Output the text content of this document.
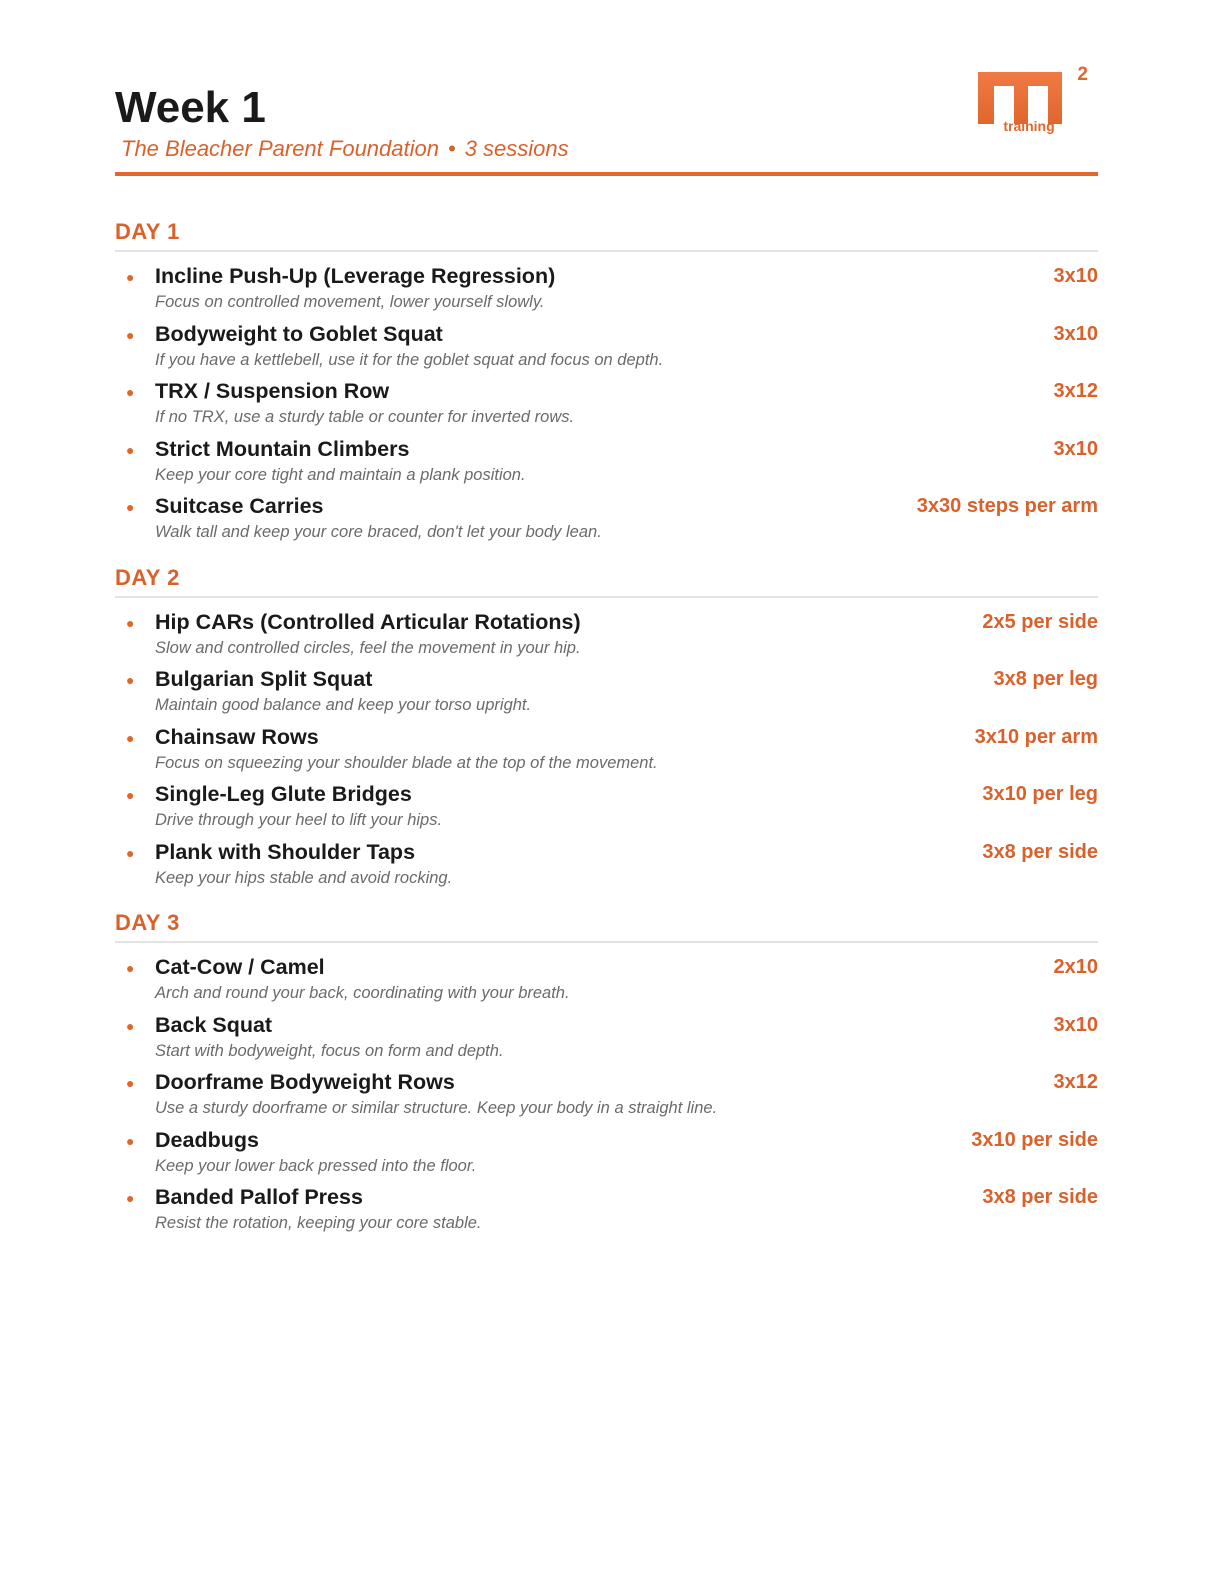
Week 1
The Bleacher Parent Foundation • 3 sessions
2
training
DAY 1
● Incline Push-Up (Leverage Regression)	3x10
Focus on controlled movement, lower yourself slowly.
● Bodyweight to Goblet Squat	3x10
If you have a kettlebell, use it for the goblet squat and focus on depth.
● TRX / Suspension Row	3x12
If no TRX, use a sturdy table or counter for inverted rows.
● Strict Mountain Climbers	3x10
Keep your core tight and maintain a plank position.
● Suitcase Carries	3x30 steps per arm
Walk tall and keep your core braced, don't let your body lean.
DAY 2
● Hip CARs (Controlled Articular Rotations)	2x5 per side
Slow and controlled circles, feel the movement in your hip.
● Bulgarian Split Squat	3x8 per leg
Maintain good balance and keep your torso upright.
● Chainsaw Rows	3x10 per arm
Focus on squeezing your shoulder blade at the top of the movement.
● Single-Leg Glute Bridges	3x10 per leg
Drive through your heel to lift your hips.
● Plank with Shoulder Taps	3x8 per side
Keep your hips stable and avoid rocking.
DAY 3
● Cat-Cow / Camel	2x10
Arch and round your back, coordinating with your breath.
● Back Squat	3x10
Start with bodyweight, focus on form and depth.
● Doorframe Bodyweight Rows	3x12
Use a sturdy doorframe or similar structure. Keep your body in a straight line.
● Deadbugs	3x10 per side
Keep your lower back pressed into the floor.
● Banded Pallof Press	3x8 per side
Resist the rotation, keeping your core stable.
